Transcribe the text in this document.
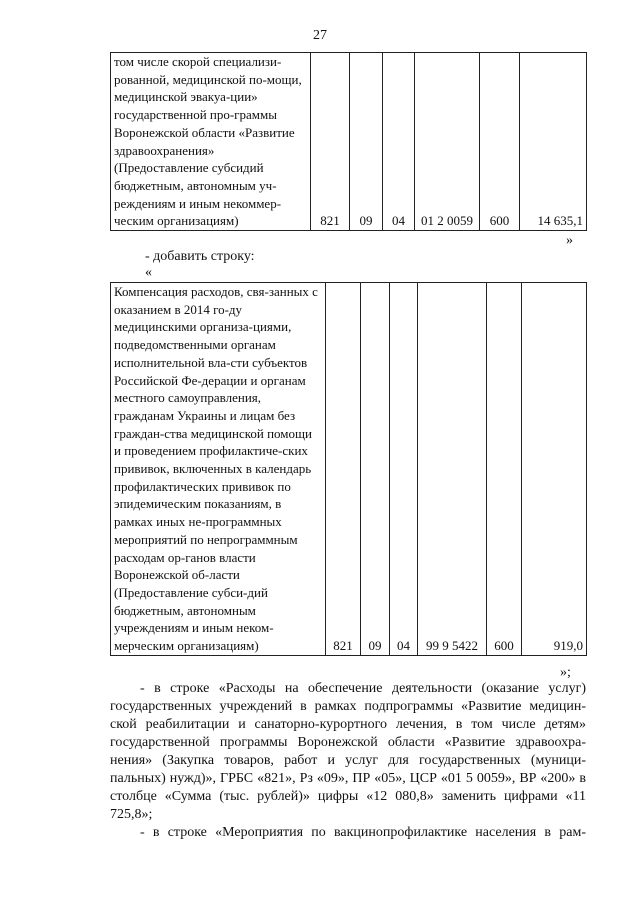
27
том числе скорой специализи-рованной, медицинской по-мощи, медицинской эвакуа-ции» государственной про-граммы Воронежской области «Развитие здравоохранения» (Предоставление субсидий бюджетным, автономным уч-реждениям и иным некоммер-ческим организациям)	821	09	04	01 2 0059	600	14 635,1
»
- добавить строку:
«
Компенсация расходов, свя-занных с оказанием в 2014 го-ду медицинскими организа-циями, подведомственными органам исполнительной вла-сти субъектов Российской Фе-дерации и органам местного самоуправления, гражданам Украины и лицам без граждан-ства медицинской помощи и проведением профилактиче-ских прививок, включенных в календарь профилактических прививок по эпидемическим показаниям, в рамках иных не-программных мероприятий по непрограммным расходам ор-ганов власти Воронежской об-ласти (Предоставление субси-дий бюджетным, автономным учреждениям и иным неком-мерческим организациям)	821	09	04	99 9 5422	600	919,0
»;

- в строке «Расходы на обеспечение деятельности (оказание услуг) государственных учреждений в рамках подпрограммы «Развитие медицин-ской реабилитации и санаторно-курортного лечения, в том числе детям» государственной программы Воронежской области «Развитие здравоохра-нения» (Закупка товаров, работ и услуг для государственных (муници-пальных) нужд)», ГРБС «821», Рз «09», ПР «05», ЦСР «01 5 0059», ВР «200» в столбце «Сумма (тыс. рублей)» цифры «12 080,8» заменить цифрами «11 725,8»;

- в строке «Мероприятия по вакцинопрофилактике населения в рам-
